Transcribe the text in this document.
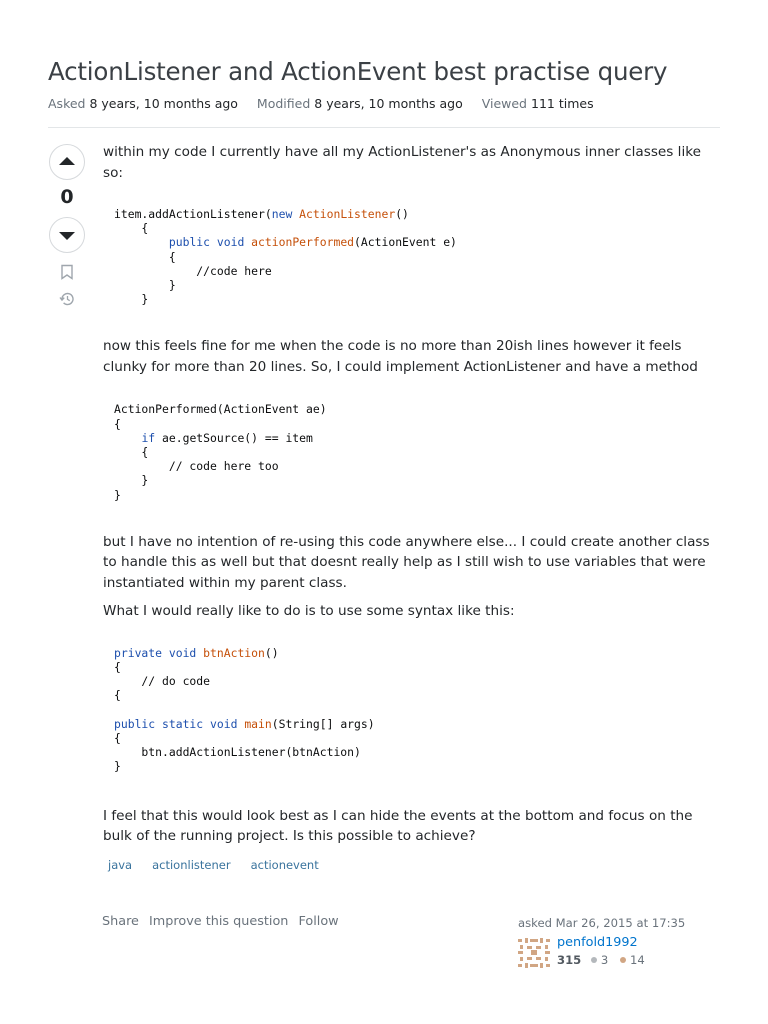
ActionListener and ActionEvent best practise query
Asked 8 years, 10 months ago Modified 8 years, 10 months ago Viewed 111 times
0

within my code I currently have all my ActionListener's as Anonymous inner classes like so:

item.addActionListener(new ActionListener()
{
public void actionPerformed(ActionEvent e)
{
//code here
}
}

now this feels fine for me when the code is no more than 20ish lines however it feels clunky for more than 20 lines. So, I could implement ActionListener and have a method

ActionPerformed(ActionEvent ae)
{
if ae.getSource() == item
{
// code here too
}
}

but I have no intention of re-using this code anywhere else... I could create another class to handle this as well but that doesnt really help as I still wish to use variables that were instantiated within my parent class.

What I would really like to do is to use some syntax like this:

private void btnAction()
{
// do code
{

public static void main(String[] args)
{
btn.addActionListener(btnAction)
}

I feel that this would look best as I can hide the events at the bottom and focus on the bulk of the running project. Is this possible to achieve?

java	actionlistener	actionevent
Share Improve this question Follow	asked Mar 26, 2015 at 17:35
penfold1992
315 3 14
